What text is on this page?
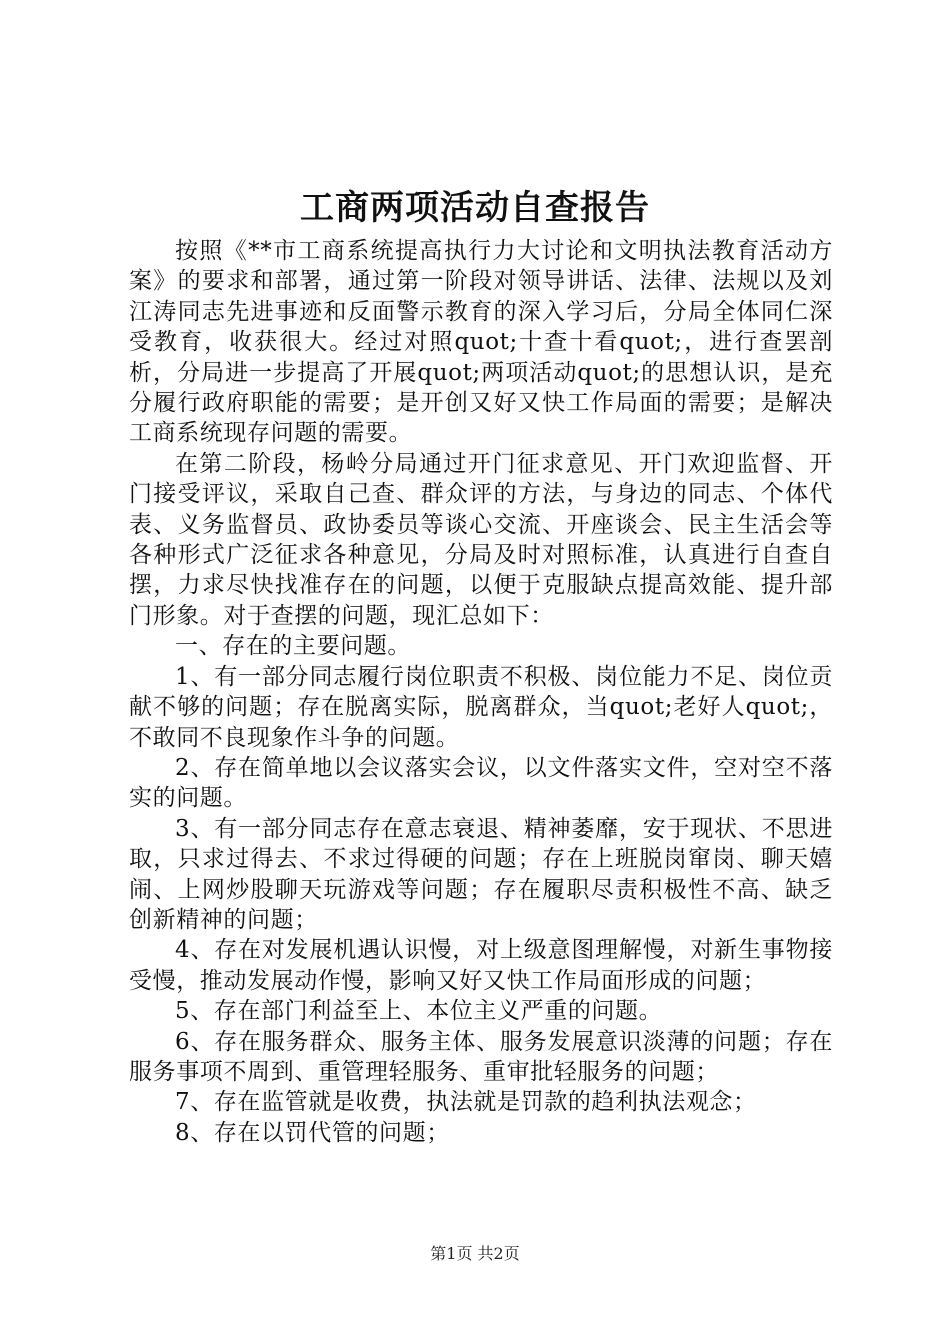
工商两项活动自查报告

按照《**市工商系统提高执行力大讨论和文明执法教育活动方案》的要求和部署，通过第一阶段对领导讲话、法律、法规以及刘江涛同志先进事迹和反面警示教育的深入学习后，分局全体同仁深受教育，收获很大。经过对照quot;十查十看quot;，进行查罢剖析，分局进一步提高了开展quot;两项活动quot;的思想认识，是充分履行政府职能的需要；是开创又好又快工作局面的需要；是解决工商系统现存问题的需要。

在第二阶段，杨岭分局通过开门征求意见、开门欢迎监督、开门接受评议，采取自己查、群众评的方法，与身边的同志、个体代表、义务监督员、政协委员等谈心交流、开座谈会、民主生活会等各种形式广泛征求各种意见，分局及时对照标准，认真进行自查自摆，力求尽快找准存在的问题，以便于克服缺点提高效能、提升部门形象。对于查摆的问题，现汇总如下：

一、存在的主要问题。

1、有一部分同志履行岗位职责不积极、岗位能力不足、岗位贡献不够的问题；存在脱离实际，脱离群众，当quot;老好人quot;，不敢同不良现象作斗争的问题。

2、存在简单地以会议落实会议，以文件落实文件，空对空不落实的问题。

3、有一部分同志存在意志衰退、精神萎靡，安于现状、不思进取，只求过得去、不求过得硬的问题；存在上班脱岗窜岗、聊天嬉闹、上网炒股聊天玩游戏等问题；存在履职尽责积极性不高、缺乏创新精神的问题；

4、存在对发展机遇认识慢，对上级意图理解慢，对新生事物接受慢，推动发展动作慢，影响又好又快工作局面形成的问题；

5、存在部门利益至上、本位主义严重的问题。

6、存在服务群众、服务主体、服务发展意识淡薄的问题；存在服务事项不周到、重管理轻服务、重审批轻服务的问题；

7、存在监管就是收费，执法就是罚款的趋利执法观念；

8、存在以罚代管的问题；

第1页 共2页
